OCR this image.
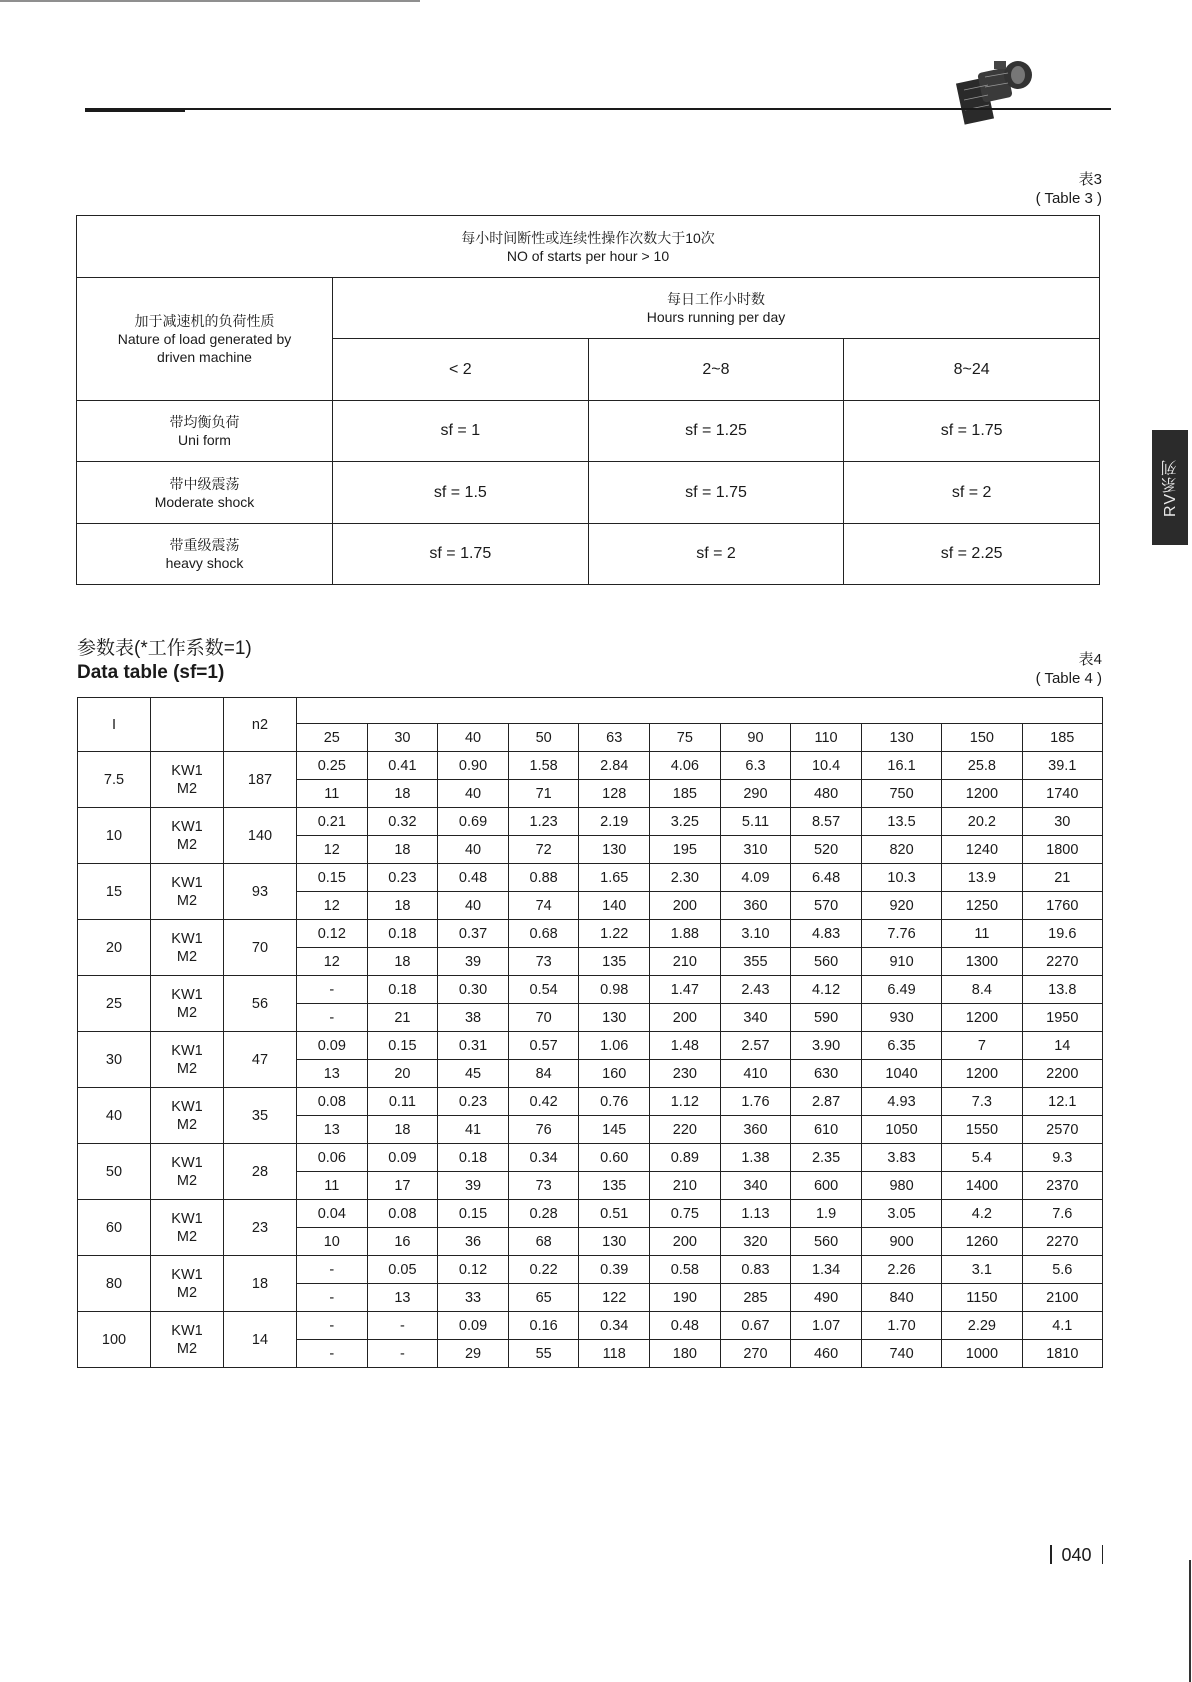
表3
( Table 3 )
每小时间断性或连续性操作次数大于10次
NO of starts per hour > 10			

加于减速机的负荷性质
Nature of load generated by driven machine	每日工作小时数
Hours running per day		

	< 2	2~8	8~24

带均衡负荷
Uni form	sf = 1	sf = 1.25	sf = 1.75

带中级震荡
Moderate shock	sf = 1.5	sf = 1.75	sf = 2

带重级震荡
heavy shock	sf = 1.75	sf = 2	sf = 2.25
RV系列
参数表(*工作系数=1)
Data table (sf=1)
表4
( Table 4 )
I		n2											
			25	30	40	50	63	75	90	110	130	150	185
7.5	KW1
M2	187	0.25	0.41	0.90	1.58	2.84	4.06	6.3	10.4	16.1	25.8	39.1
			11	18	40	71	128	185	290	480	750	1200	1740
10	KW1
M2	140	0.21	0.32	0.69	1.23	2.19	3.25	5.11	8.57	13.5	20.2	30
			12	18	40	72	130	195	310	520	820	1240	1800
15	KW1
M2	93	0.15	0.23	0.48	0.88	1.65	2.30	4.09	6.48	10.3	13.9	21
			12	18	40	74	140	200	360	570	920	1250	1760
20	KW1
M2	70	0.12	0.18	0.37	0.68	1.22	1.88	3.10	4.83	7.76	11	19.6
			12	18	39	73	135	210	355	560	910	1300	2270
25	KW1
M2	56	-	0.18	0.30	0.54	0.98	1.47	2.43	4.12	6.49	8.4	13.8
			-	21	38	70	130	200	340	590	930	1200	1950
30	KW1
M2	47	0.09	0.15	0.31	0.57	1.06	1.48	2.57	3.90	6.35	7	14
			13	20	45	84	160	230	410	630	1040	1200	2200
40	KW1
M2	35	0.08	0.11	0.23	0.42	0.76	1.12	1.76	2.87	4.93	7.3	12.1
			13	18	41	76	145	220	360	610	1050	1550	2570
50	KW1
M2	28	0.06	0.09	0.18	0.34	0.60	0.89	1.38	2.35	3.83	5.4	9.3
			11	17	39	73	135	210	340	600	980	1400	2370
60	KW1
M2	23	0.04	0.08	0.15	0.28	0.51	0.75	1.13	1.9	3.05	4.2	7.6
			10	16	36	68	130	200	320	560	900	1260	2270
80	KW1
M2	18	-	0.05	0.12	0.22	0.39	0.58	0.83	1.34	2.26	3.1	5.6
			-	13	33	65	122	190	285	490	840	1150	2100
100	KW1
M2	14	-	-	0.09	0.16	0.34	0.48	0.67	1.07	1.70	2.29	4.1
			-	-	29	55	118	180	270	460	740	1000	1810
040
